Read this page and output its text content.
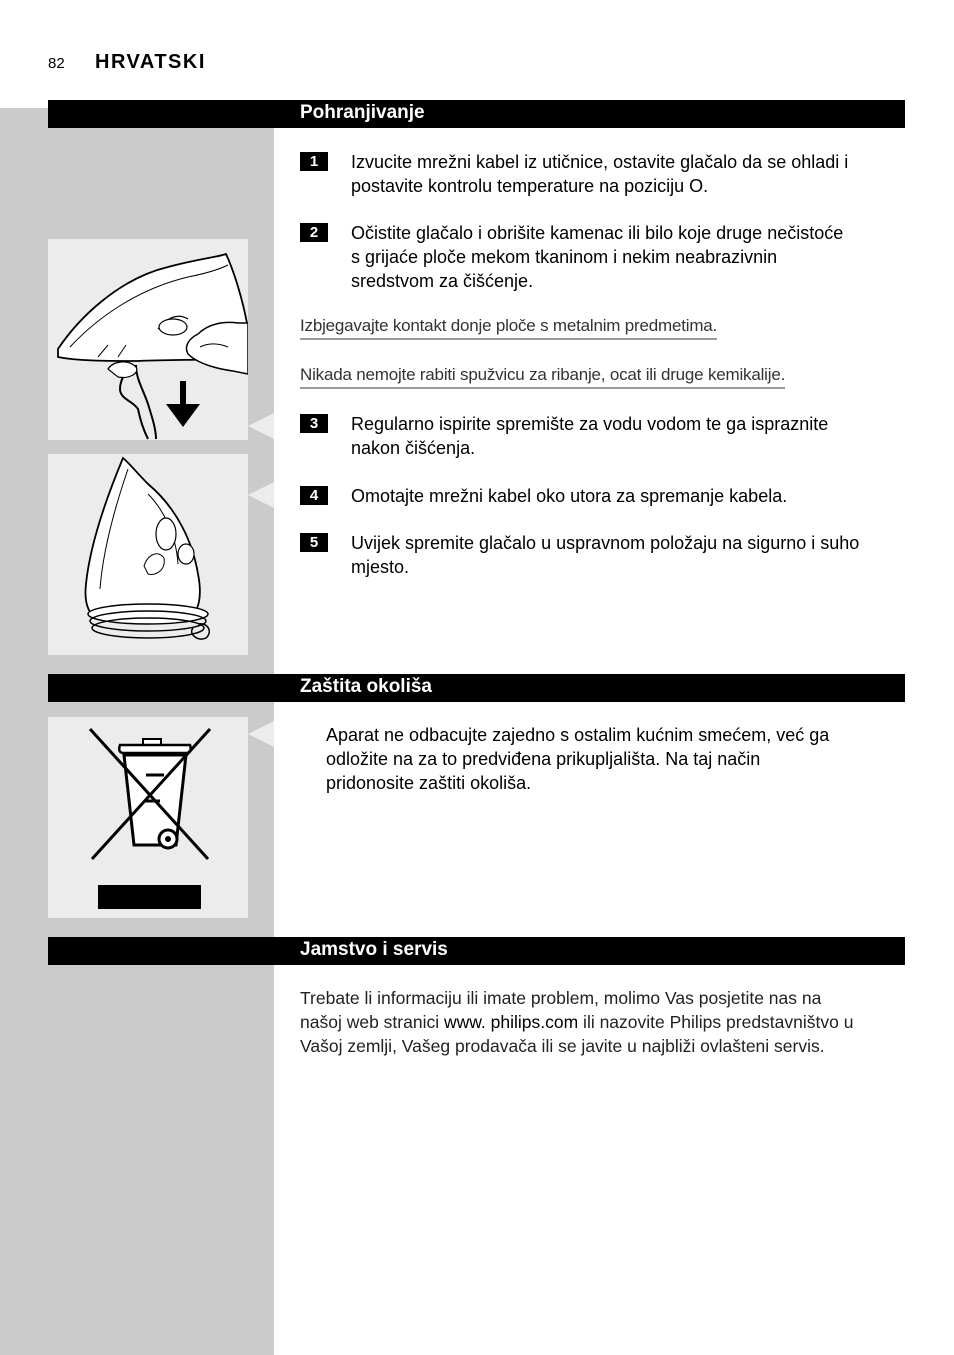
82 HRVATSKI
Pohranjivanje
1	Izvucite mrežni kabel iz utičnice, ostavite glačalo da se ohladi i
postavite kontrolu temperature na poziciju O.
2	Očistite glačalo i obrišite kamenac ili bilo koje druge nečistoće
s grijaće ploče mekom tkaninom i nekim neabrazivnin
sredstvom za čišćenje.
Izbjegavajte kontakt donje ploče s metalnim predmetima.
Nikada nemojte rabiti spužvicu za ribanje, ocat ili druge kemikalije.
3	Regularno ispirite spremište za vodu vodom te ga ispraznite
nakon čišćenja.
4	Omotajte mrežni kabel oko utora za spremanje kabela.
5	Uvijek spremite glačalo u uspravnom položaju na sigurno i suho
mjesto.
Zaštita okoliša
Aparat ne odbacujte zajedno s ostalim kućnim smećem, već ga
odložite na za to predviđena prikupljališta. Na taj način
pridonosite zaštiti okoliša.
Jamstvo i servis
Trebate li informaciju ili imate problem, molimo Vas posjetite nas na
našoj web stranici www. philips.com ili nazovite Philips predstavništvo u
Vašoj zemlji, Vašeg prodavača ili se javite u najbliži ovlašteni servis.
